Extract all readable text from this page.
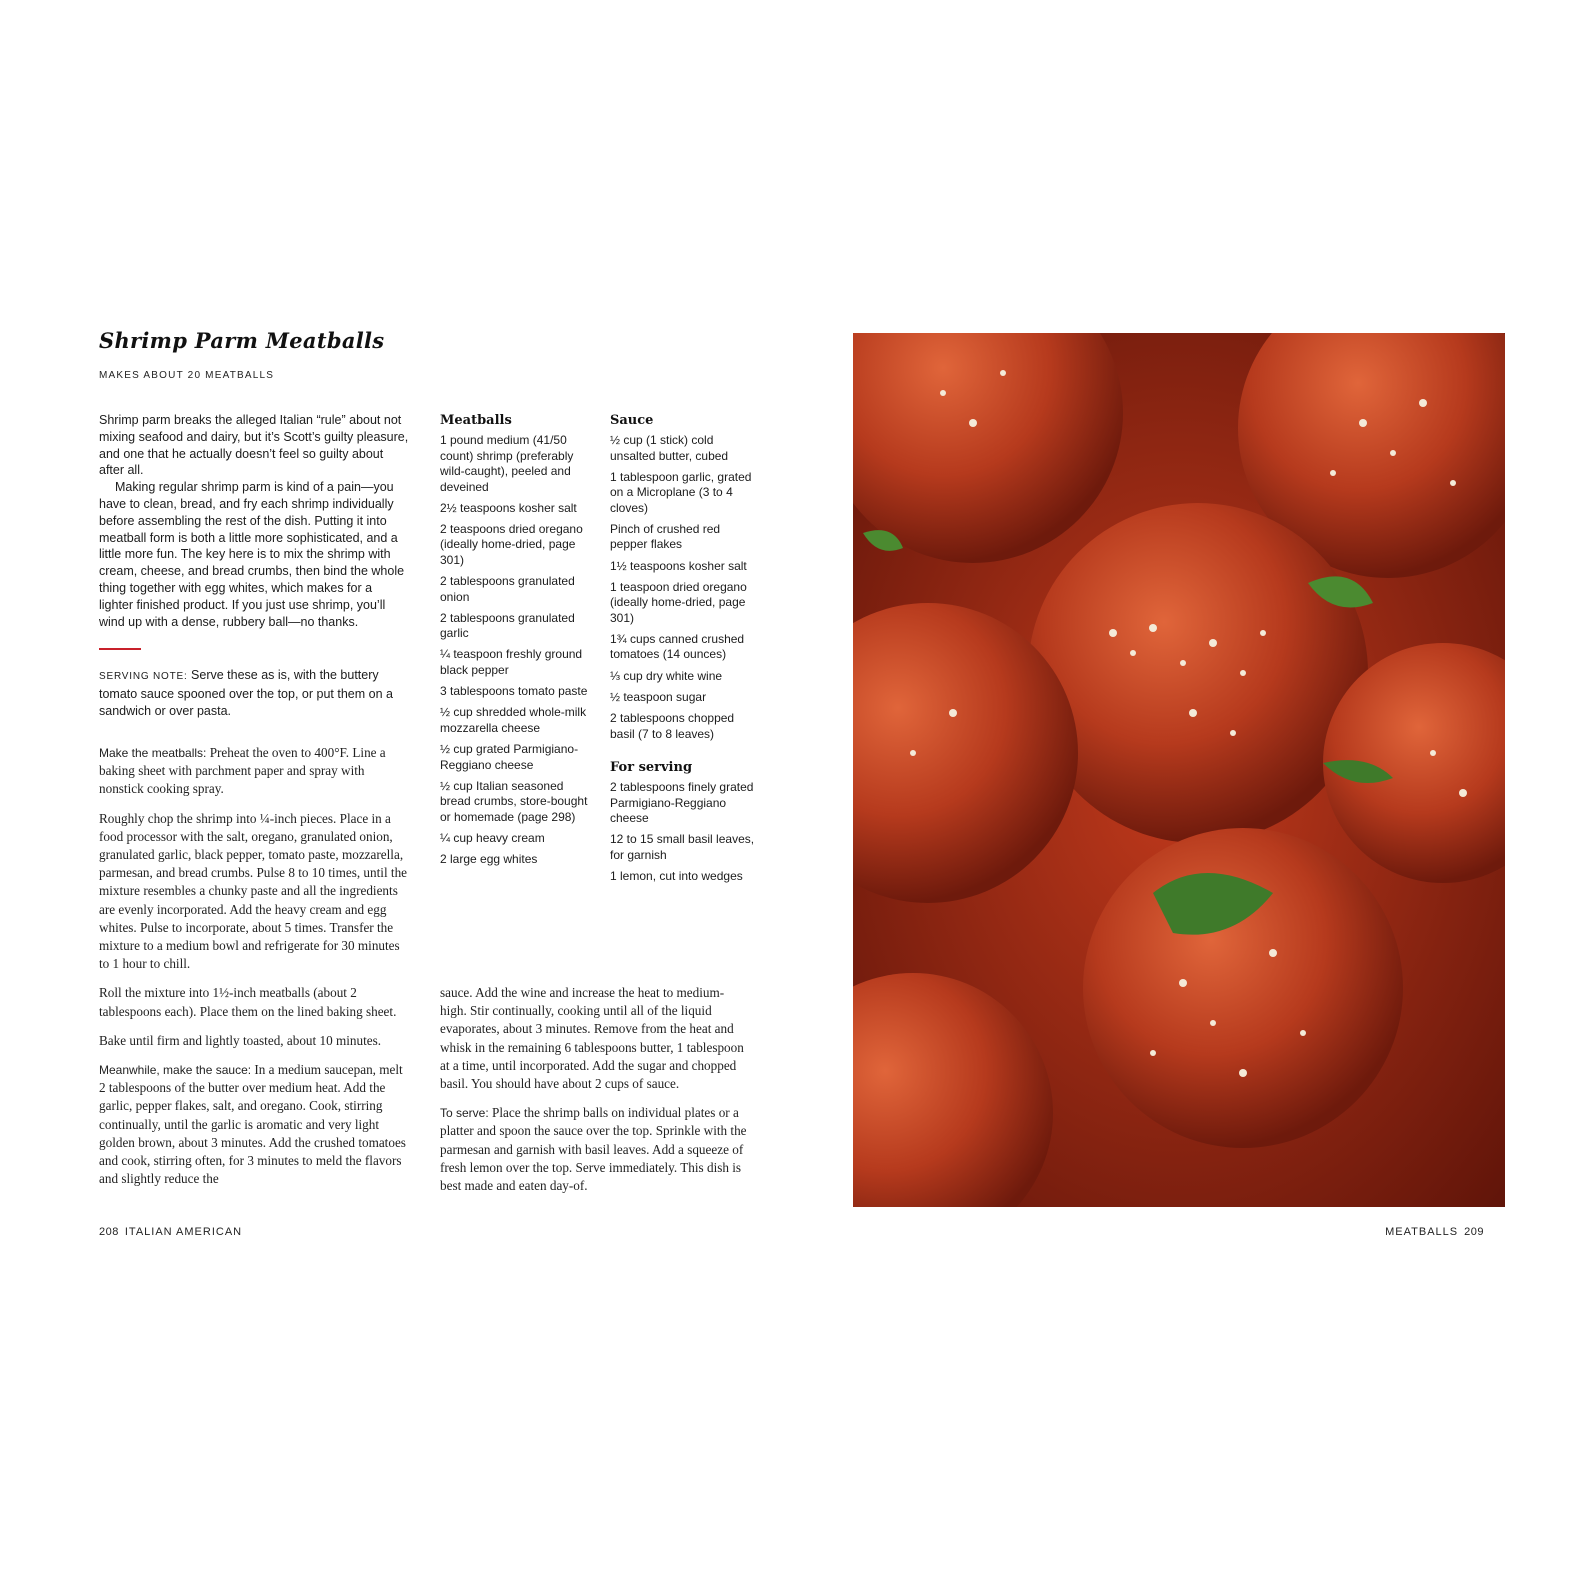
Shrimp Parm Meatballs
MAKES ABOUT 20 MEATBALLS

Shrimp parm breaks the alleged Italian “rule” about not mixing seafood and dairy, but it’s Scott’s guilty pleasure, and one that he actually doesn’t feel so guilty about after all.

Making regular shrimp parm is kind of a pain—you have to clean, bread, and fry each shrimp individually before assembling the rest of the dish. Putting it into meatball form is both a little more sophisticated, and a little more fun. The key here is to mix the shrimp with cream, cheese, and bread crumbs, then bind the whole thing together with egg whites, which makes for a lighter finished product. If you just use shrimp, you’ll wind up with a dense, rubbery ball—no thanks.

SERVING NOTE: Serve these as is, with the buttery tomato sauce spooned over the top, or put them on a sandwich or over pasta.
Meatballs
1 pound medium (41/50 count) shrimp (preferably wild-caught), peeled and deveined
2½ teaspoons kosher salt
2 teaspoons dried oregano (ideally home-dried, page 301)
2 tablespoons granulated onion
2 tablespoons granulated garlic
¼ teaspoon freshly ground black pepper
3 tablespoons tomato paste
½ cup shredded whole-milk mozzarella cheese
½ cup grated Parmigiano-Reggiano cheese
½ cup Italian seasoned bread crumbs, store-bought or homemade (page 298)
¼ cup heavy cream
2 large egg whites
Sauce
½ cup (1 stick) cold unsalted butter, cubed
1 tablespoon garlic, grated on a Microplane (3 to 4 cloves)
Pinch of crushed red pepper flakes
1½ teaspoons kosher salt
1 teaspoon dried oregano (ideally home-dried, page 301)
1¾ cups canned crushed tomatoes (14 ounces)
⅓ cup dry white wine
½ teaspoon sugar
2 tablespoons chopped basil (7 to 8 leaves)
For serving
2 tablespoons finely grated Parmigiano-Reggiano cheese
12 to 15 small basil leaves, for garnish
1 lemon, cut into wedges

Make the meatballs: Preheat the oven to 400°F. Line a baking sheet with parchment paper and spray with nonstick cooking spray.

Roughly chop the shrimp into ¼-inch pieces. Place in a food processor with the salt, oregano, granulated onion, granulated garlic, black pepper, tomato paste, mozzarella, parmesan, and bread crumbs. Pulse 8 to 10 times, until the mixture resembles a chunky paste and all the ingredients are evenly incorporated. Add the heavy cream and egg whites. Pulse to incorporate, about 5 times. Transfer the mixture to a medium bowl and refrigerate for 30 minutes to 1 hour to chill.

Roll the mixture into 1½-inch meatballs (about 2 tablespoons each). Place them on the lined baking sheet.

Bake until firm and lightly toasted, about 10 minutes.

Meanwhile, make the sauce: In a medium saucepan, melt 2 tablespoons of the butter over medium heat. Add the garlic, pepper flakes, salt, and oregano. Cook, stirring continually, until the garlic is aromatic and very light golden brown, about 3 minutes. Add the crushed tomatoes and cook, stirring often, for 3 minutes to meld the flavors and slightly reduce the

sauce. Add the wine and increase the heat to medium-high. Stir continually, cooking until all of the liquid evaporates, about 3 minutes. Remove from the heat and whisk in the remaining 6 tablespoons butter, 1 tablespoon at a time, until incorporated. Add the sugar and chopped basil. You should have about 2 cups of sauce.

To serve: Place the shrimp balls on individual plates or a platter and spoon the sauce over the top. Sprinkle with the parmesan and garnish with basil leaves. Add a squeeze of fresh lemon over the top. Serve immediately. This dish is best made and eaten day-of.

208 ITALIAN AMERICAN	MEATBALLS 209
